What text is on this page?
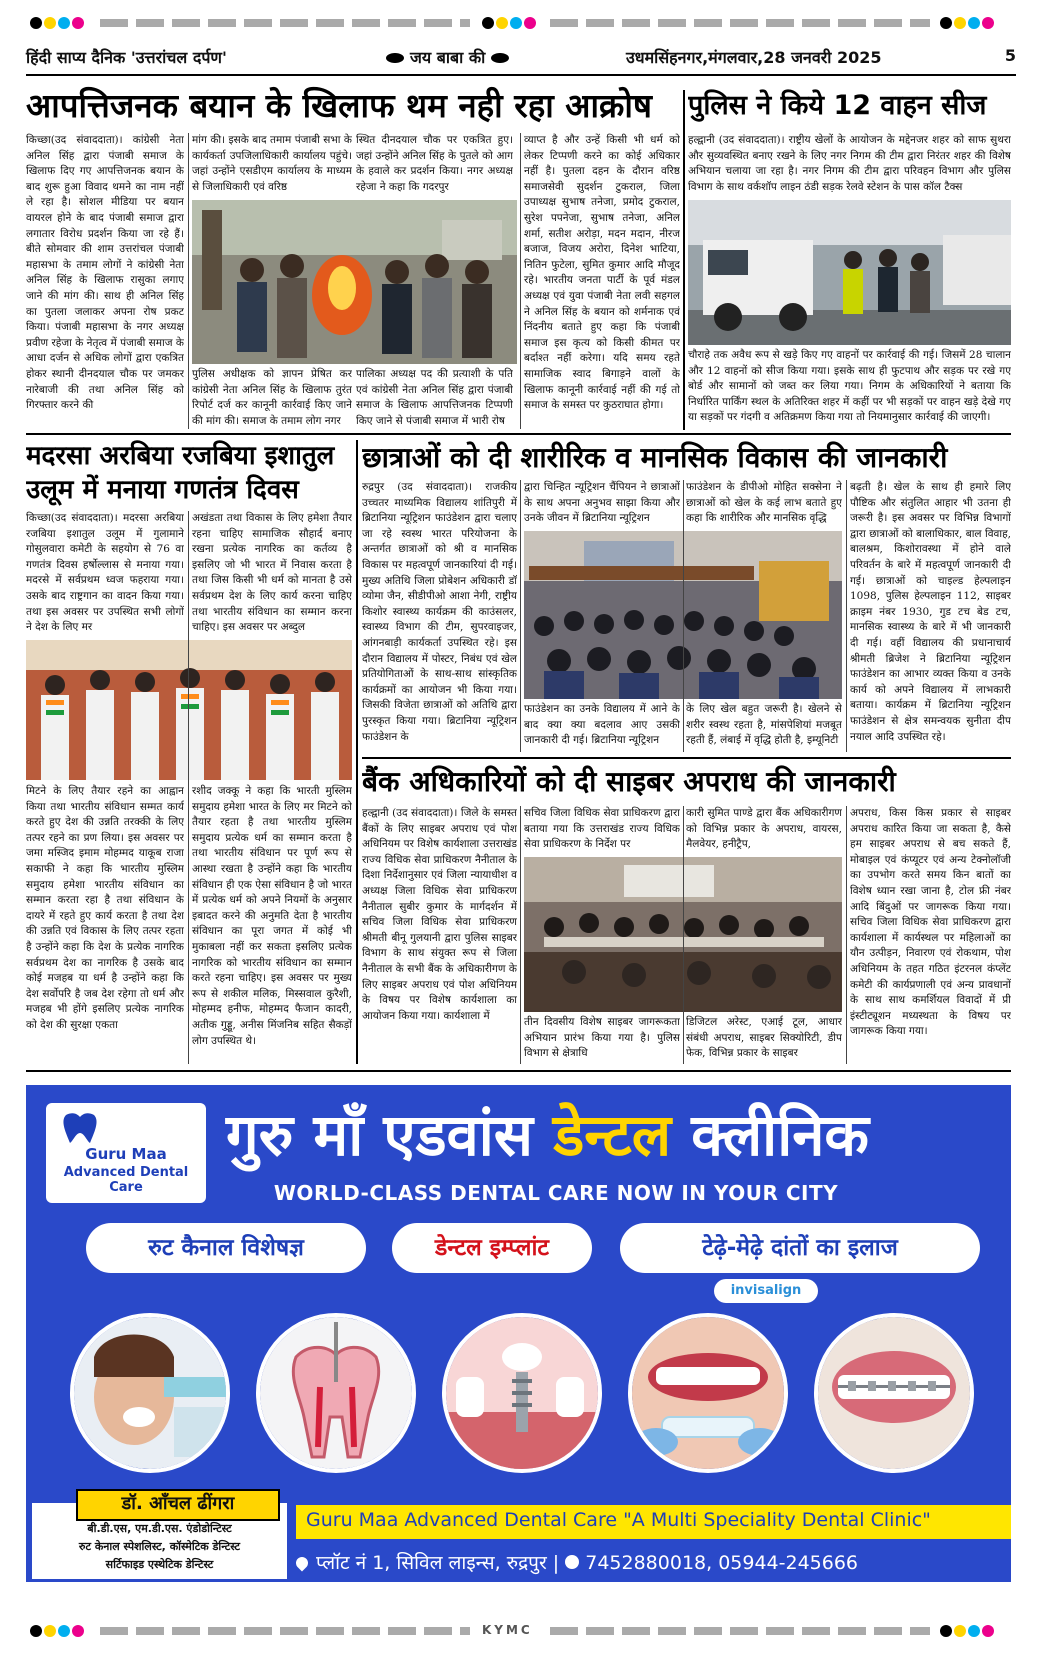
हिंदी साप्य दैनिक 'उत्तरांचल दर्पण'	जय बाबा की	उधमसिंहनगर,मंगलवार,28 जनवरी 2025	5
आपत्तिजनक बयान के खिलाफ थम नही रहा आक्रोष
किच्छा(उद संवाददाता)। कांग्रेसी नेता अनिल सिंह द्वारा पंजाबी समाज के खिलाफ दिए गए आपत्तिजनक बयान के बाद शुरू हुआ विवाद थमने का नाम नहीं ले रहा है। सोशल मीडिया पर बयान वायरल होने के बाद पंजाबी समाज द्वारा लगातार विरोध प्रदर्शन किया जा रहे हैं। बीते सोमवार की शाम उत्तरांचल पंजाबी महासभा के तमाम लोगों ने कांग्रेसी नेता अनिल सिंह के खिलाफ रासुका लगाए जाने की मांग की। साथ ही अनिल सिंह का पुतला जलाकर अपना रोष प्रकट किया। पंजाबी महासभा के नगर अध्यक्ष प्रवीण रहेजा के नेतृत्व में पंजाबी समाज के आधा दर्जन से अधिक लोगों द्वारा एकत्रित होकर स्थानी दीनदयाल चौक पर जमकर नारेबाजी की तथा अनिल सिंह को गिरफ्तार करने की
मांग की। इसके बाद तमाम पंजाबी सभा के कार्यकर्ता उपजिलाधिकारी कार्यालय पहुंचे। जहां उन्होंने एसडीएम कार्यालय के माध्यम से जिलाधिकारी एवं वरिष्ठ
स्थित दीनदयाल चौक पर एकत्रित हुए। जहां उन्होंने अनिल सिंह के पुतले को आग के हवाले कर प्रदर्शन किया। नगर अध्यक्ष रहेजा ने कहा कि गदरपुर
पुलिस अधीक्षक को ज्ञापन प्रेषित कर कांग्रेसी नेता अनिल सिंह के खिलाफ तुरंत रिपोर्ट दर्ज कर कानूनी कार्रवाई किए जाने की मांग की। समाज के तमाम लोग नगर
पालिका अध्यक्ष पद की प्रत्याशी के पति एवं कांग्रेसी नेता अनिल सिंह द्वारा पंजाबी समाज के खिलाफ आपत्तिजनक टिप्पणी किए जाने से पंजाबी समाज में भारी रोष
व्याप्त है और उन्हें किसी भी धर्म को लेकर टिप्पणी करने का कोई अधिकार नहीं है। पुतला दहन के दौरान वरिष्ठ समाजसेवी सुदर्शन टुकराल, जिला उपाध्यक्ष सुभाष तनेजा, प्रमोद टुकराल, सुरेश पपनेजा, सुभाष तनेजा, अनिल शर्मा, सतीश अरोड़ा, मदन मदान, नीरज बजाज, विजय अरोरा, दिनेश भाटिया, नितिन फुटेला, सुमित कुमार आदि मौजूद रहे। भारतीय जनता पार्टी के पूर्व मंडल अध्यक्ष एवं युवा पंजाबी नेता लवी सहगल ने अनिल सिंह के बयान को शर्मनाक एवं निंदनीय बताते हुए कहा कि पंजाबी समाज इस कृत्य को किसी कीमत पर बर्दाश्त नहीं करेगा। यदि समय रहते सामाजिक स्वाद बिगाड़ने वालों के खिलाफ कानूनी कार्रवाई नहीं की गई तो समाज के समस्त पर कुठराघात होगा।
पुलिस ने किये 12 वाहन सीज
हल्द्वानी (उद संवाददाता)। राष्ट्रीय खेलों के आयोजन के मद्देनजर शहर को साफ सुथरा और सुव्यवस्थित बनाए रखने के लिए नगर निगम की टीम द्वारा निरंतर शहर की विशेष अभियान चलाया जा रहा है। नगर निगम की टीम द्वारा परिवहन विभाग और पुलिस विभाग के साथ वर्कशॉप लाइन ठंडी सड़क रेलवे स्टेशन के पास कॉल टैक्स
चौराहे तक अवैध रूप से खड़े किए गए वाहनों पर कार्रवाई की गई। जिसमें 28 चालान और 12 वाहनों को सीज किया गया। इसके साथ ही फुटपाथ और सड़क पर रखे गए बोर्ड और सामानों को जब्त कर लिया गया। निगम के अधिकारियों ने बताया कि निर्धारित पार्किंग स्थल के अतिरिक्त शहर में कहीं पर भी सड़कों पर वाहन खड़े देखे गए या सड़कों पर गंदगी व अतिक्रमण किया गया तो नियमानुसार कार्रवाई की जाएगी।
मदरसा अरबिया रजबिया इशातुल
उलूम में मनाया गणतंत्र दिवस
किच्छा(उद संवाददाता)। मदरसा अरबिया रजबिया इशातुल उलूम में गुलामाने गोसुलवारा कमेटी के सहयोग से 76 वा गणतंत्र दिवस हर्षोल्लास से मनाया गया। मदरसे में सर्वप्रथम ध्वज फहराया गया। उसके बाद राष्ट्रगान का वादन किया गया। तथा इस अवसर पर उपस्थित सभी लोगों ने देश के लिए मर
अखंडता तथा विकास के लिए हमेशा तैयार रहना चाहिए सामाजिक सौहार्द बनाए रखना प्रत्येक नागरिक का कर्तव्य है इसलिए जो भी भारत में निवास करता है तथा जिस किसी भी धर्म को मानता है उसे सर्वप्रथम देश के लिए कार्य करना चाहिए तथा भारतीय संविधान का सम्मान करना चाहिए। इस अवसर पर अब्दुल
मिटने के लिए तैयार रहने का आह्वान किया तथा भारतीय संविधान सम्मत कार्य करते हुए देश की उन्नति तरक्की के लिए तत्पर रहने का प्रण लिया। इस अवसर पर जमा मस्जिद इमाम मोहम्मद याकूब राजा सकाफी ने कहा कि भारतीय मुस्लिम समुदाय हमेशा भारतीय संविधान का सम्मान करता रहा है तथा संविधान के दायरे में रहते हुए कार्य करता है तथा देश की उन्नति एवं विकास के लिए तत्पर रहता है उन्होंने कहा कि देश के प्रत्येक नागरिक सर्वप्रथम देश का नागरिक है उसके बाद कोई मजहब या धर्म है उन्होंने कहा कि देश सर्वोपरि है जब देश रहेगा तो धर्म और मजहब भी होंगे इसलिए प्रत्येक नागरिक को देश की सुरक्षा एकता
रशीद जक्कू ने कहा कि भारती मुस्लिम समुदाय हमेशा भारत के लिए मर मिटने को तैयार रहता है तथा भारतीय मुस्लिम समुदाय प्रत्येक धर्म का सम्मान करता है तथा भारतीय संविधान पर पूर्ण रूप से आस्था रखता है उन्होंने कहा कि भारतीय संविधान ही एक ऐसा संविधान है जो भारत में प्रत्येक धर्म को अपने नियमों के अनुसार इबादत करने की अनुमति देता है भारतीय संविधान का पूरा जगत में कोई भी मुकाबला नहीं कर सकता इसलिए प्रत्येक नागरिक को भारतीय संविधान का सम्मान करते रहना चाहिए। इस अवसर पर मुख्य रूप से शकील मलिक, मिस्सवाल कुरैशी, मोहम्मद हनीफ, मोहम्मद फैजान कादरी, अतीक गुड्डू, अनीस मिंजनिब सहित सैकड़ों लोग उपस्थित थे।
छात्राओं को दी शारीरिक व मानसिक विकास की जानकारी
रुद्रपुर (उद संवाददाता)। राजकीय उच्चतर माध्यमिक विद्यालय शांतिपुरी में ब्रिटानिया न्यूट्रिशन फाउंडेशन द्वारा चलाए जा रहे स्वस्थ भारत परियोजना के अन्तर्गत छात्राओं को श्री व मानसिक विकास पर महत्वपूर्ण जानकारियां दी गई। मुख्य अतिथि जिला प्रोबेशन अधिकारी डॉ व्योमा जैन, सीडीपीओ आशा नेगी, राष्ट्रीय किशोर स्वास्थ्य कार्यक्रम की काउंसलर, स्वास्थ्य विभाग की टीम, सुपरवाइजर, आंगनबाड़ी कार्यकर्ता उपस्थित रहे। इस दौरान विद्यालय में पोस्टर, निबंध एवं खेल प्रतियोगिताओं के साथ-साथ सांस्कृतिक कार्यक्रमों का आयोजन भी किया गया। जिसकी विजेता छात्राओं को अतिथि द्वारा पुरस्कृत किया गया। ब्रिटानिया न्यूट्रिशन फाउंडेशन के
द्वारा चिन्हित न्यूट्रिशन चैंपियन ने छात्राओं के साथ अपना अनुभव साझा किया और उनके जीवन में ब्रिटानिया न्यूट्रिशन
फाउंडेशन के डीपीओ मोहित सक्सेना ने छात्राओं को खेल के कई लाभ बताते हुए कहा कि शारीरिक और मानसिक वृद्धि
फाउंडेशन का उनके विद्यालय में आने के बाद क्या क्या बदलाव आए उसकी जानकारी दी गई। ब्रिटानिया न्यूट्रिशन
के लिए खेल बहुत जरूरी है। खेलने से शरीर स्वस्थ रहता है, मांसपेशियां मजबूत रहती हैं, लंबाई में वृद्धि होती है, इम्यूनिटी
बढ़ती है। खेल के साथ ही हमारे लिए पौष्टिक और संतुलित आहार भी उतना ही जरूरी है। इस अवसर पर विभिन्न विभागों द्वारा छात्राओं को बालाधिकार, बाल विवाह, बालश्रम, किशोरावस्था में होने वाले परिवर्तन के बारे में महत्वपूर्ण जानकारी दी गई। छात्राओं को चाइल्ड हेल्पलाइन 1098, पुलिस हेल्पलाइन 112, साइबर क्राइम नंबर 1930, गुड टच बेड टच, मानसिक स्वास्थ्य के बारे में भी जानकारी दी गई। वहीं विद्यालय की प्रधानाचार्य श्रीमती ब्रिजेश ने ब्रिटानिया न्यूट्रिशन फाउंडेशन का आभार व्यक्त किया व उनके कार्य को अपने विद्यालय में लाभकारी बताया। कार्यक्रम में ब्रिटानिया न्यूट्रिशन फाउंडेशन से क्षेत्र समन्वयक सुनीता दीप नयाल आदि उपस्थित रहे।
बैंक अधिकारियों को दी साइबर अपराध की जानकारी
हल्द्वानी (उद संवाददाता)। जिले के समस्त बैंकों के लिए साइबर अपराध एवं पोश अधिनियम पर विशेष कार्यशाला उत्तराखंड राज्य विधिक सेवा प्राधिकरण नैनीताल के दिशा निर्देशानुसार एवं जिला न्यायाधीश व अध्यक्ष जिला विधिक सेवा प्राधिकरण नैनीताल सुबीर कुमार के मार्गदर्शन में सचिव जिला विधिक सेवा प्राधिकरण श्रीमती बीनू गुलयानी द्वारा पुलिस साइबर विभाग के साथ संयुक्त रूप से जिला नैनीताल के सभी बैंक के अधिकारीगण के लिए साइबर अपराध एवं पोश अधिनियम के विषय पर विशेष कार्यशाला का आयोजन किया गया। कार्यशाला में
सचिव जिला विधिक सेवा प्राधिकरण द्वारा बताया गया कि उत्तराखंड राज्य विधिक सेवा प्राधिकरण के निर्देश पर
कारी सुमित पाण्डे द्वारा बैंक अधिकारीगण को विभिन्न प्रकार के अपराध, वायरस, मैलवेयर, हनीट्रैप,
तीन दिवसीय विशेष साइबर जागरूकता अभियान प्रारंभ किया गया है। पुलिस विभाग से क्षेत्राधि
डिजिटल अरेस्ट, एआई टूल, आधार संबंधी अपराध, साइबर सिक्योरिटी, डीप फेक, विभिन्न प्रकार के साइबर
अपराध, किस किस प्रकार से साइबर अपराध कारित किया जा सकता है, कैसे हम साइबर अपराध से बच सकते हैं, मोबाइल एवं कंप्यूटर एवं अन्य टेक्नोलॉजी का उपभोग करते समय किन बातों का विशेष ध्यान रखा जाना है, टोल फ्री नंबर आदि बिंदुओं पर जागरूक किया गया। सचिव जिला विधिक सेवा प्राधिकरण द्वारा कार्यशाला में कार्यस्थल पर महिलाओं का यौन उत्पीड़न, निवारण एवं रोकथाम, पोश अधिनियम के तहत गठित इंटरनल कंप्लेंट कमेटी की कार्यप्रणाली एवं अन्य प्रावधानों के साथ साथ कमर्शियल विवादों में प्री इंस्टीट्यूशन मध्यस्थता के विषय पर जागरूक किया गया।
Guru Maa
Advanced Dental Care
गुरु माँ एडवांस डेन्टल क्लीनिक
WORLD-CLASS DENTAL CARE NOW IN YOUR CITY
रुट कैनाल विशेषज्ञ	डेन्टल इम्प्लांट	टेढ़े-मेढ़े दांतों का इलाज
invisalign
डॉ. आँचल ढींगरा
बी.डी.एस, एम.डी.एस. एंडोडोन्टिस्ट
रुट केनाल स्पेशलिस्ट, कॉस्मेटिक डेन्टिस्ट
सर्टिफाइड एस्थेटिक डेन्टिस्ट
Guru Maa Advanced Dental Care "A Multi Speciality Dental Clinic"
प्लॉट नं 1, सिविल लाइन्स, रुद्रपुर | 7452880018, 05944-245666
KYMC
